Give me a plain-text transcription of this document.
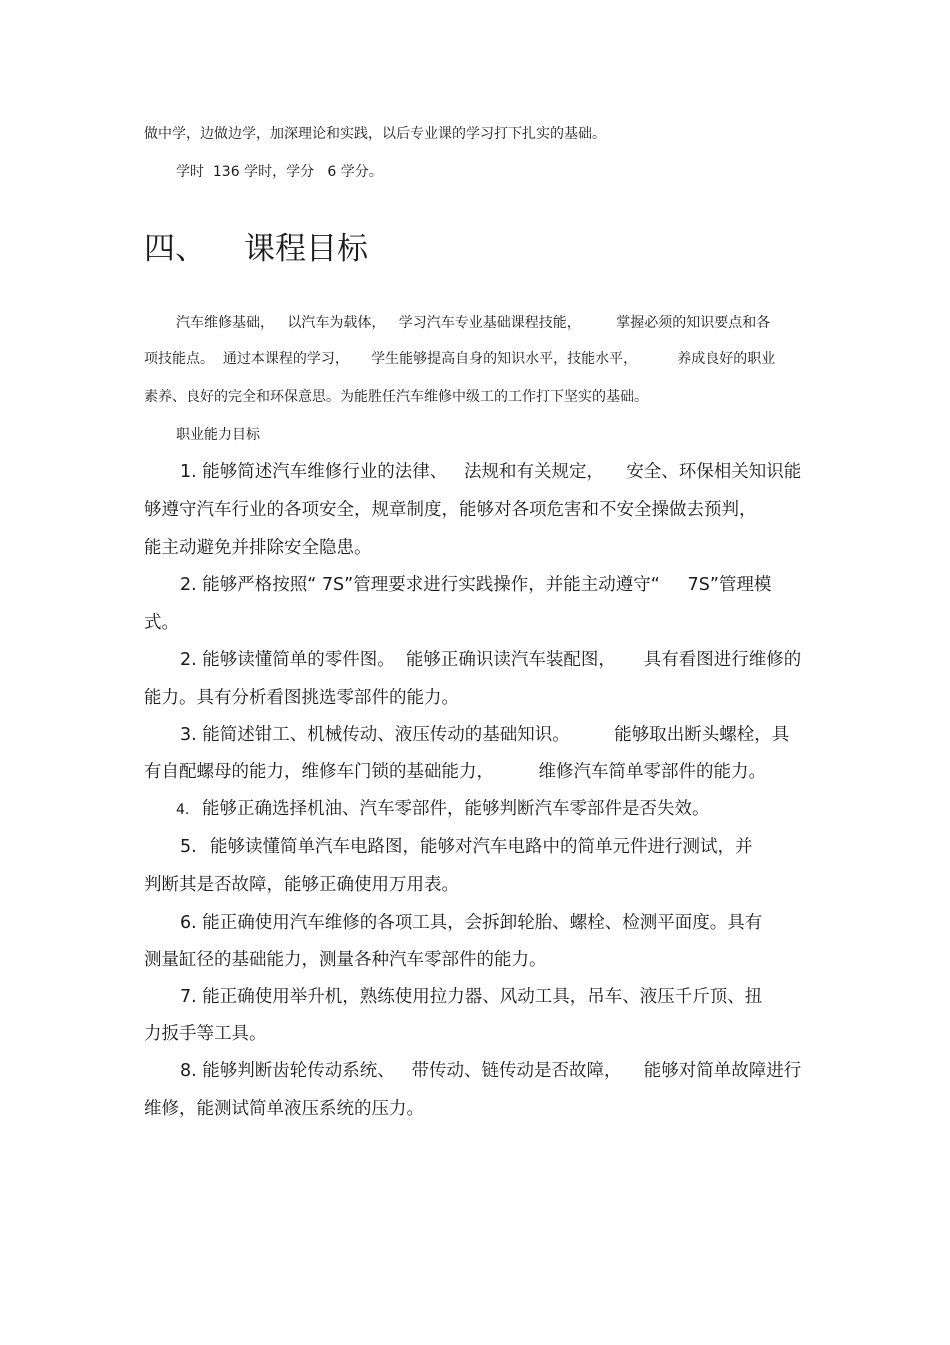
做中学，边做边学，加深理论和实践，以后专业课的学习打下扎实的基础。
学时  136 学时，学分   6 学分。
四、 课程目标
汽车维修基础，   以汽车为载体，   学习汽车专业基础课程技能，        掌握必须的知识要点和各
项技能点。  通过本课程的学习，     学生能够提高自身的知识水平，技能水平，         养成良好的职业
素养、良好的完全和环保意思。为能胜任汽车维修中级工的工作打下坚实的基础。
职业能力目标
1. 能够简述汽车维修行业的法律、   法规和有关规定，    安全、环保相关知识能
够遵守汽车行业的各项安全，规章制度，能够对各项危害和不安全操做去预判，
能主动避免并排除安全隐患。
2. 能够严格按照“ 7S”管理要求进行实践操作，并能主动遵守“     7S”管理模
式。
2. 能够读懂简单的零件图。  能够正确识读汽车装配图，     具有看图进行维修的
能力。具有分析看图挑选零部件的能力。
3. 能简述钳工、机械传动、液压传动的基础知识。        能够取出断头螺栓，具
有自配螺母的能力，维修车门锁的基础能力，        维修汽车简单零部件的能力。
4. 能够正确选择机油、汽车零部件，能够判断汽车零部件是否失效。
5. 能够读懂简单汽车电路图，能够对汽车电路中的简单元件进行测试，并
判断其是否故障，能够正确使用万用表。
6. 能正确使用汽车维修的各项工具，会拆卸轮胎、螺栓、检测平面度。具有
测量缸径的基础能力，测量各种汽车零部件的能力。
7. 能正确使用举升机，熟练使用拉力器、风动工具，吊车、液压千斤顶、扭
力扳手等工具。
8. 能够判断齿轮传动系统、   带传动、链传动是否故障，    能够对简单故障进行
维修，能测试简单液压系统的压力。
